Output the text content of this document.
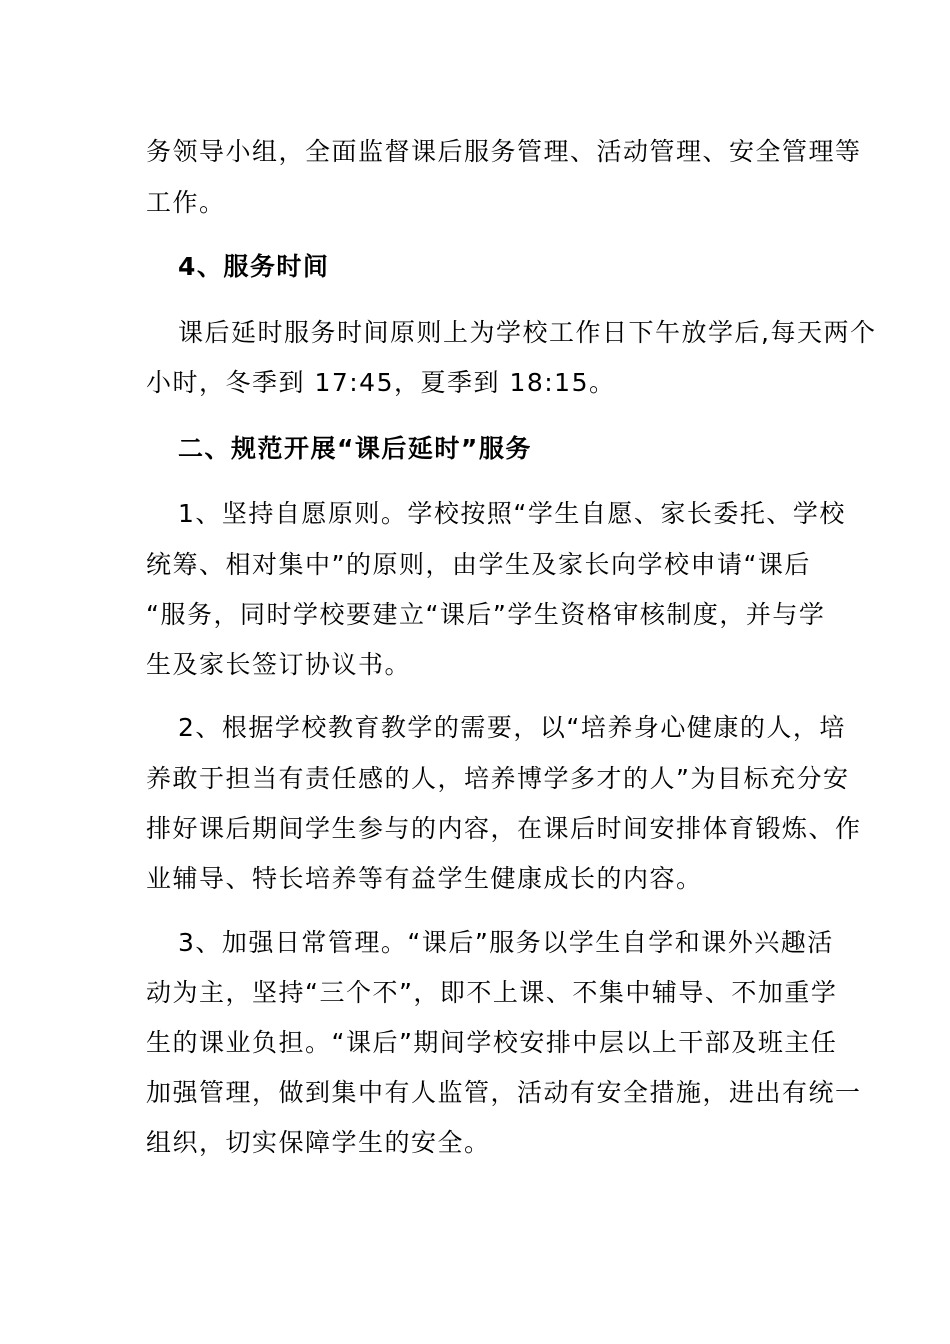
务领导小组，全面监督课后服务管理、活动管理、安全管理等
工作。
4、服务时间
课后延时服务时间原则上为学校工作日下午放学后,每天两个
小时，冬季到 17:45，夏季到 18:15。
二、规范开展“课后延时”服务
1、坚持自愿原则。学校按照“学生自愿、家长委托、学校
统筹、相对集中”的原则，由学生及家长向学校申请“课后
“服务，同时学校要建立“课后”学生资格审核制度，并与学
生及家长签订协议书。
2、根据学校教育教学的需要，以“培养身心健康的人，培
养敢于担当有责任感的人，培养博学多才的人”为目标充分安
排好课后期间学生参与的内容，在课后时间安排体育锻炼、作
业辅导、特长培养等有益学生健康成长的内容。
3、加强日常管理。“课后”服务以学生自学和课外兴趣活
动为主，坚持“三个不”，即不上课、不集中辅导、不加重学
生的课业负担。“课后”期间学校安排中层以上干部及班主任
加强管理，做到集中有人监管，活动有安全措施，进出有统一
组织，切实保障学生的安全。
